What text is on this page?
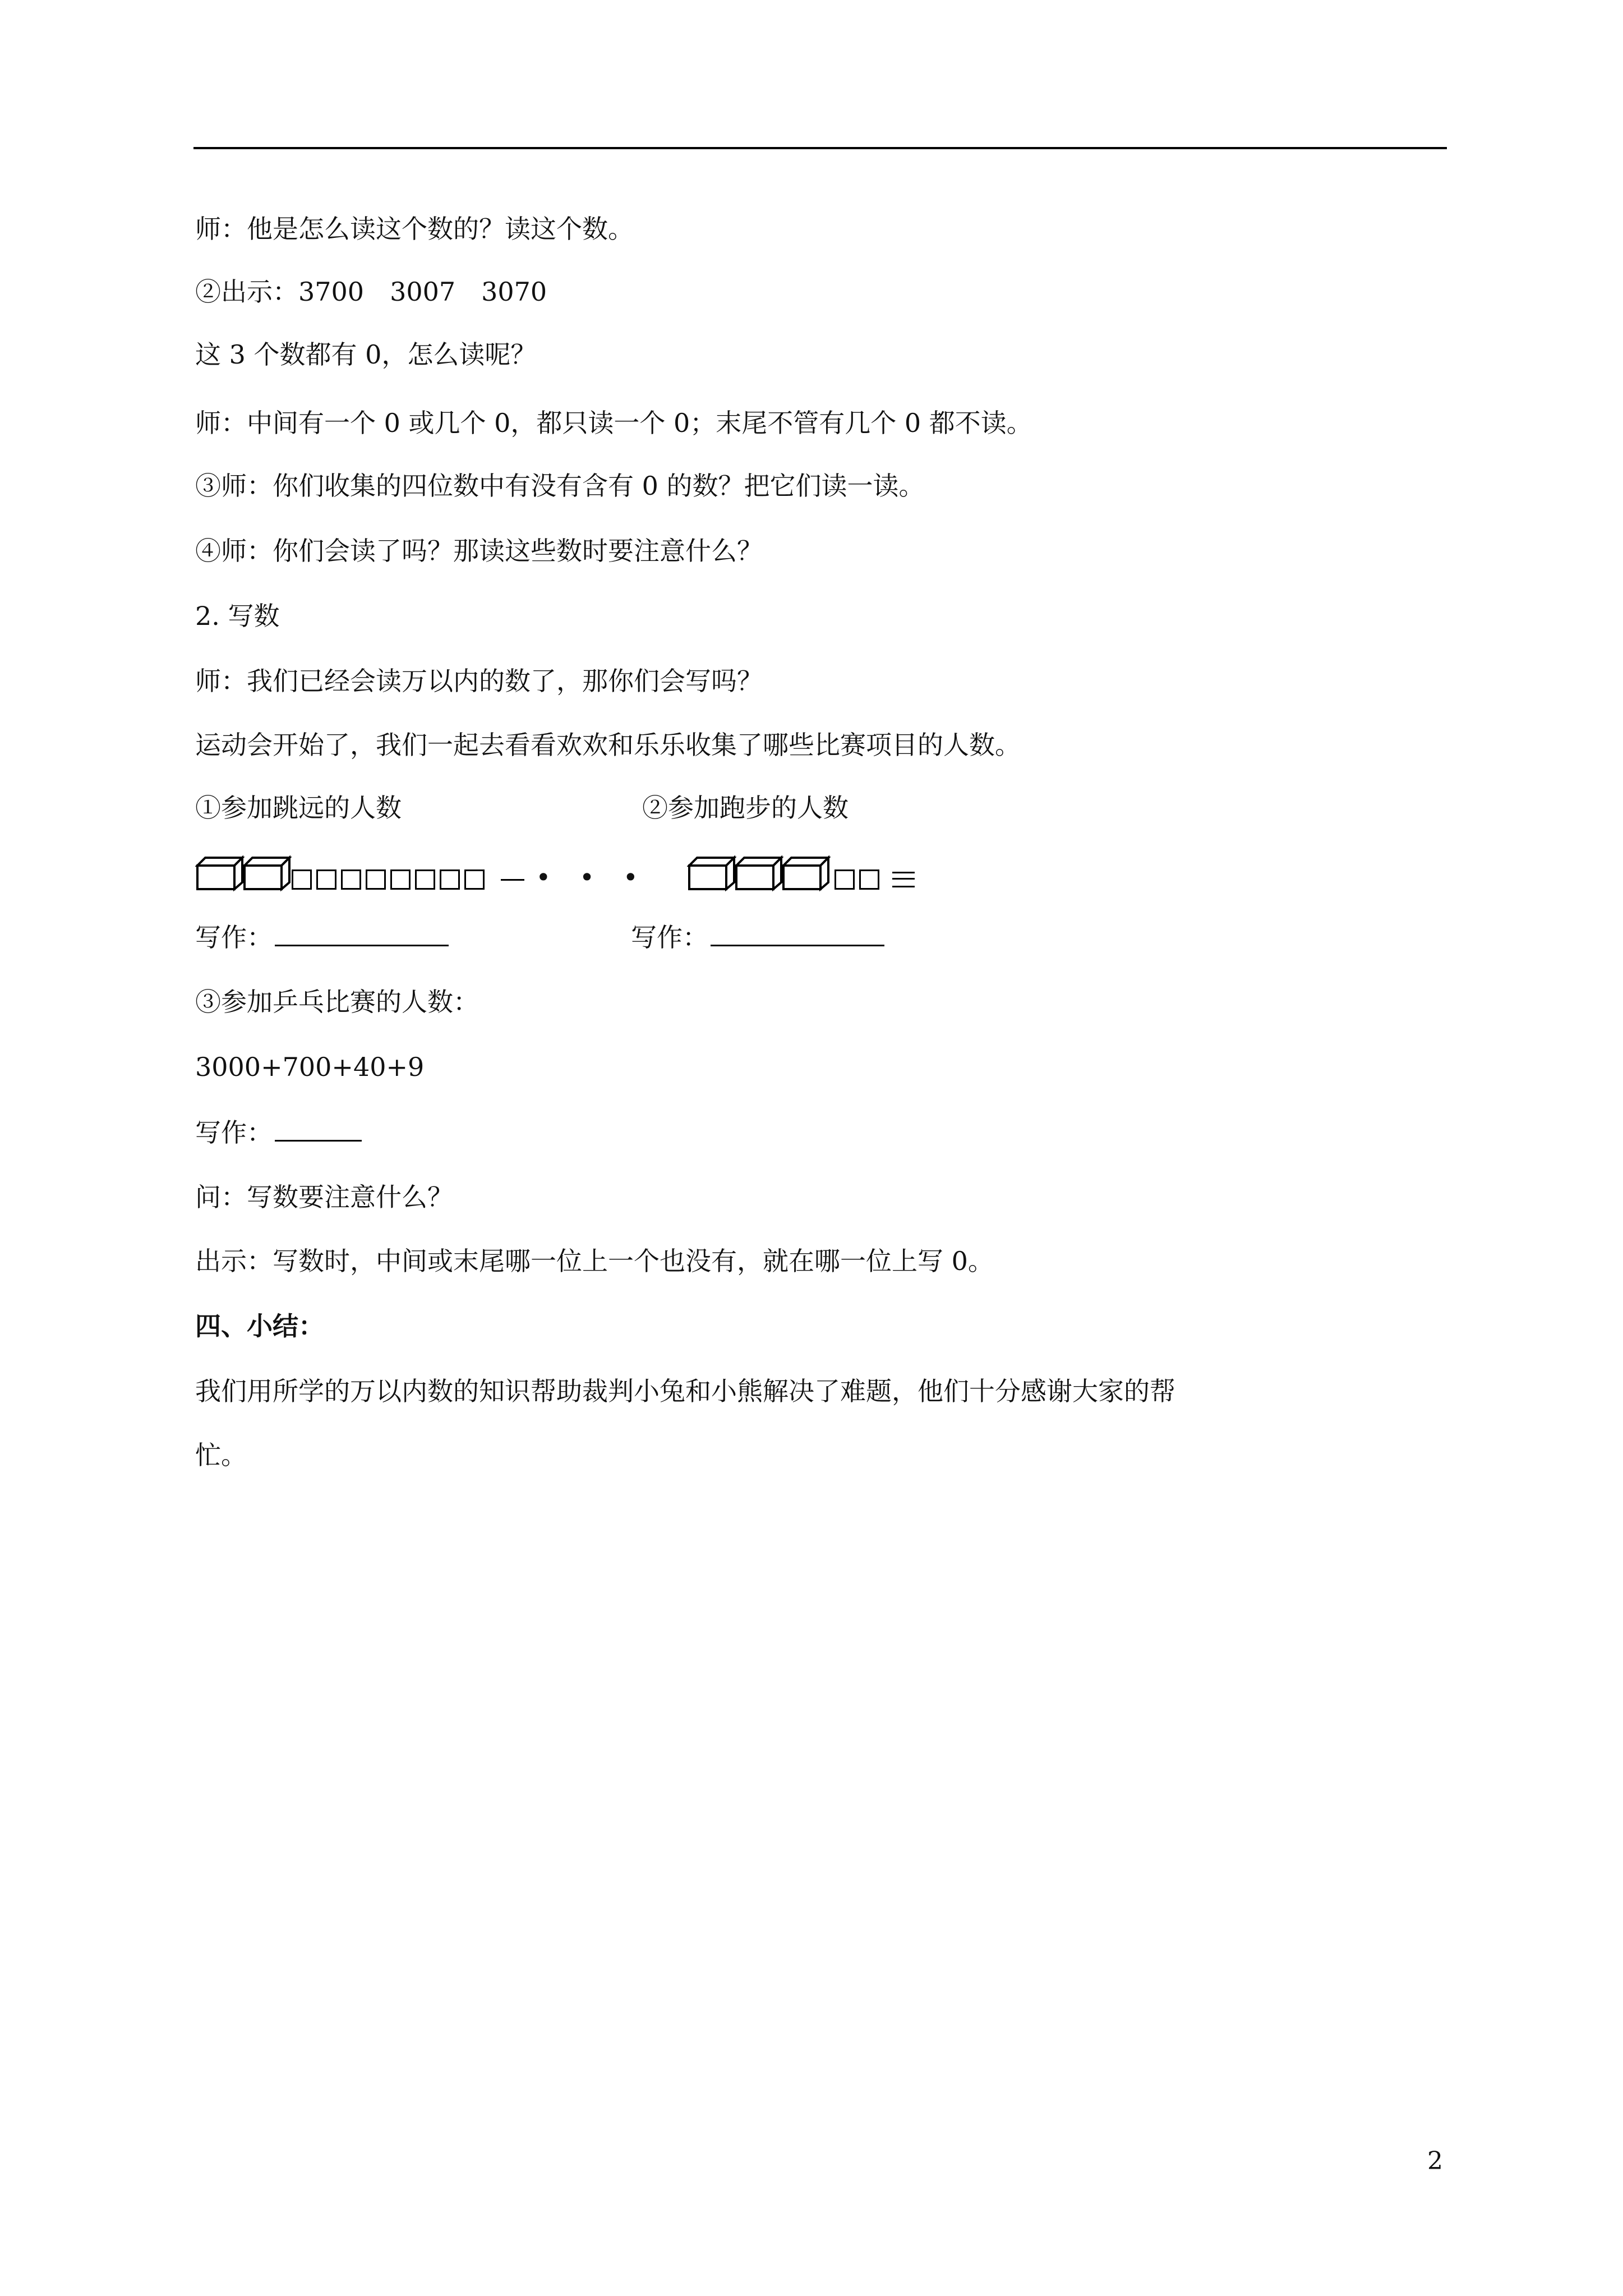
师：他是怎么读这个数的？读这个数。
②出示：3700　3007　3070
这 3 个数都有 0，怎么读呢？
师：中间有一个 0 或几个 0，都只读一个 0；末尾不管有几个 0 都不读。
③师：你们收集的四位数中有没有含有 0 的数？把它们读一读。
④师：你们会读了吗？那读这些数时要注意什么？
2. 写数
师：我们已经会读万以内的数了，那你们会写吗？
运动会开始了，我们一起去看看欢欢和乐乐收集了哪些比赛项目的人数。
①参加跳远的人数	②参加跑步的人数
• • •

写作：	写作：
③参加乒乓比赛的人数：
3000+700+40+9
写作：
问：写数要注意什么？
出示：写数时，中间或末尾哪一位上一个也没有，就在哪一位上写 0。
四、小结：
我们用所学的万以内数的知识帮助裁判小兔和小熊解决了难题，他们十分感谢大家的帮
忙。
2
